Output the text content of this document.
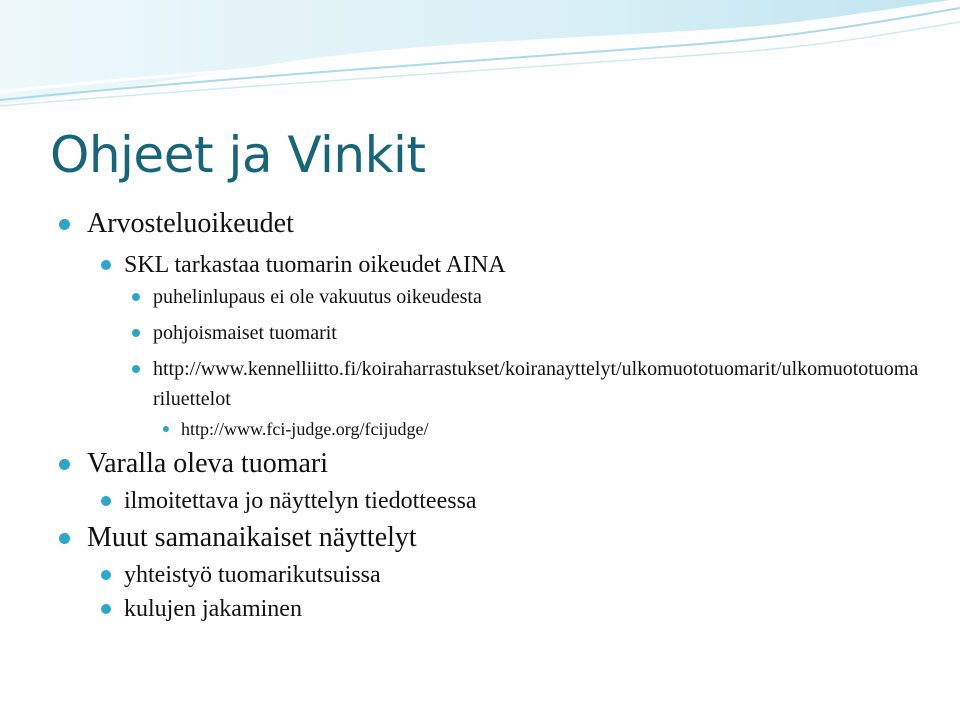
Ohjeet ja Vinkit
Arvosteluoikeudet
SKL tarkastaa tuomarin oikeudet AINA
puhelinlupaus ei ole vakuutus oikeudesta
pohjoismaiset tuomarit
http://www.kennelliitto.fi/koiraharrastukset/koiranayttelyt/ulkomuototuomarit/ulkomuototuomariluettelot
http://www.fci-judge.org/fcijudge/
Varalla oleva tuomari
ilmoitettava jo näyttelyn tiedotteessa
Muut samanaikaiset näyttelyt
yhteistyö tuomarikutsuissa
kulujen jakaminen
